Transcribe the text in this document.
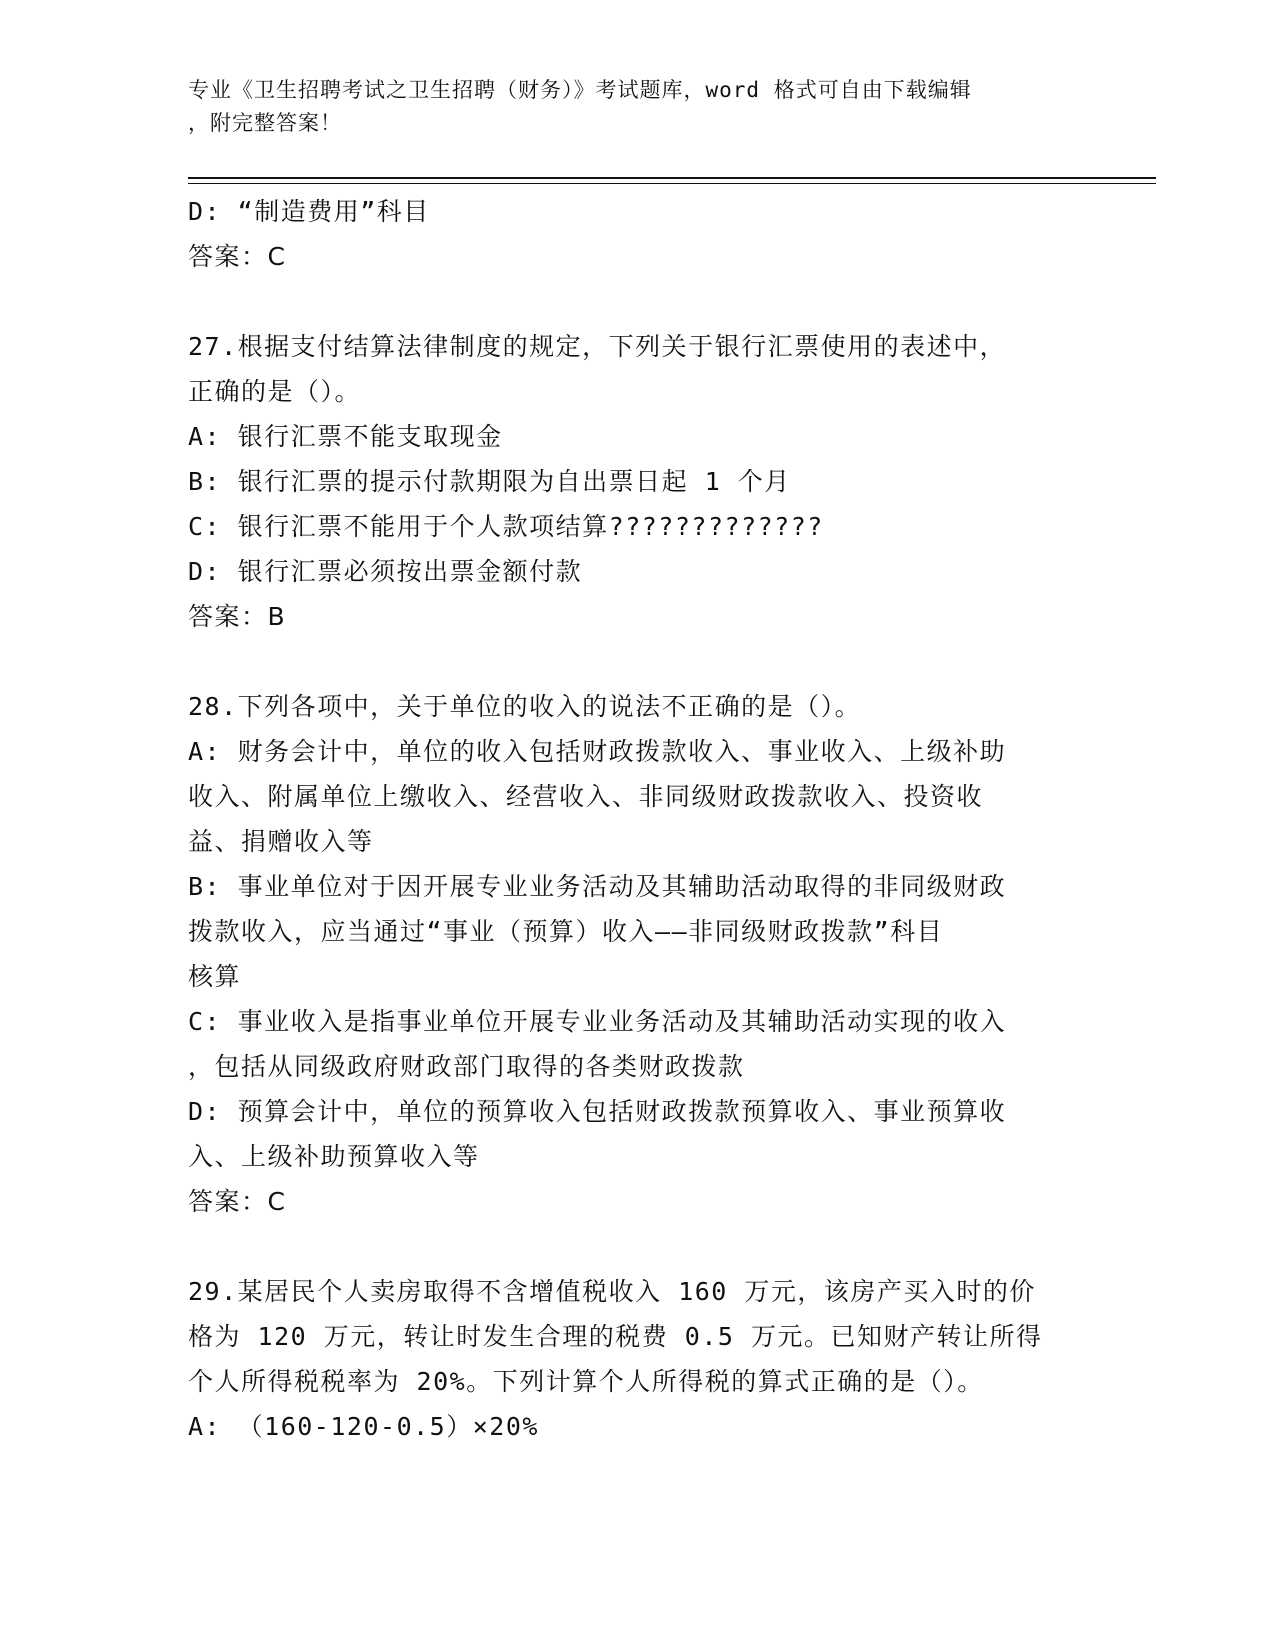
专业《卫生招聘考试之卫生招聘（财务）》考试题库，word 格式可自由下载编辑
，附完整答案！
D: “制造费用”科目
答案：C
27.根据支付结算法律制度的规定，下列关于银行汇票使用的表述中，
正确的是（）。
A: 银行汇票不能支取现金
B: 银行汇票的提示付款期限为自出票日起 1 个月
C: 银行汇票不能用于个人款项结算?????????????
D: 银行汇票必须按出票金额付款
答案：B
28.下列各项中，关于单位的收入的说法不正确的是（）。
A: 财务会计中，单位的收入包括财政拨款收入、事业收入、上级补助
收入、附属单位上缴收入、经营收入、非同级财政拨款收入、投资收
益、捐赠收入等
B: 事业单位对于因开展专业业务活动及其辅助活动取得的非同级财政
拨款收入，应当通过“事业（预算）收入——非同级财政拨款”科目
核算
C: 事业收入是指事业单位开展专业业务活动及其辅助活动实现的收入
，包括从同级政府财政部门取得的各类财政拨款
D: 预算会计中，单位的预算收入包括财政拨款预算收入、事业预算收
入、上级补助预算收入等
答案：C
29.某居民个人卖房取得不含增值税收入 160 万元，该房产买入时的价
格为 120 万元，转让时发生合理的税费 0.5 万元。已知财产转让所得
个人所得税税率为 20%。下列计算个人所得税的算式正确的是（）。
A: （160-120-0.5）×20%
